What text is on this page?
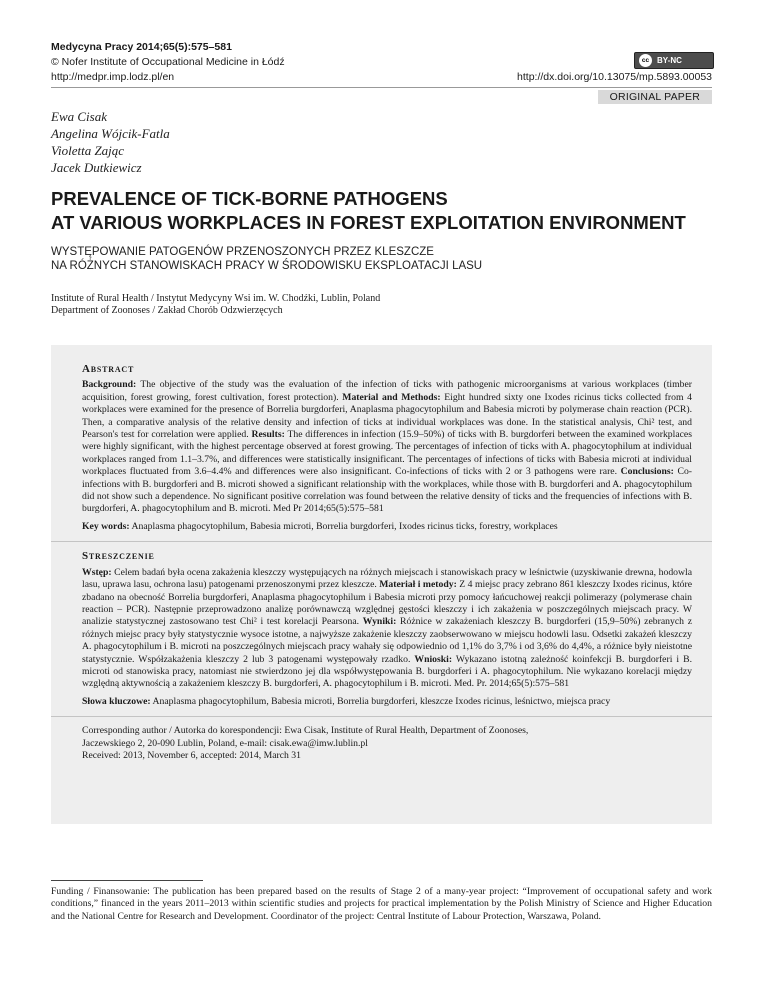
Medycyna Pracy 2014;65(5):575–581
© Nofer Institute of Occupational Medicine in Łódź
http://medpr.imp.lodz.pl/en
cc BY-NC
http://dx.doi.org/10.13075/mp.5893.00053
ORIGINAL PAPER
Ewa Cisak
Angelina Wójcik-Fatla
Violetta Zając
Jacek Dutkiewicz
PREVALENCE OF TICK-BORNE PATHOGENS
AT VARIOUS WORKPLACES IN FOREST EXPLOITATION ENVIRONMENT
WYSTĘPOWANIE PATOGENÓW PRZENOSZONYCH PRZEZ KLESZCZE
NA RÓŻNYCH STANOWISKACH PRACY W ŚRODOWISKU EKSPLOATACJI LASU
Institute of Rural Health / Instytut Medycyny Wsi im. W. Chodźki, Lublin, Poland
Department of Zoonoses / Zakład Chorób Odzwierzęcych
Abstract
Background: The objective of the study was the evaluation of the infection of ticks with pathogenic microorganisms at various workplaces (timber acquisition, forest growing, forest cultivation, forest protection). Material and Methods: Eight hundred sixty one Ixodes ricinus ticks collected from 4 workplaces were examined for the presence of Borrelia burgdorferi, Anaplasma phagocytophilum and Babesia microti by polymerase chain reaction (PCR). Then, a comparative analysis of the relative density and infection of ticks at individual workplaces was done. In the statistical analysis, Chi² test, and Pearson's test for correlation were applied. Results: The differences in infection (15.9–50%) of ticks with B. burgdorferi between the examined workplaces were highly significant, with the highest percentage observed at forest growing. The percentages of infection of ticks with A. phagocytophilum at individual workplaces ranged from 1.1–3.7%, and differences were statistically insignificant. The percentages of infections of ticks with Babesia microti at individual workplaces fluctuated from 3.6–4.4% and differences were also insignificant. Co-infections of ticks with 2 or 3 pathogens were rare. Conclusions: Co-infections with B. burgdorferi and B. microti showed a significant relationship with the workplaces, while those with B. burgdorferi and A. phagocytophilum did not show such a dependence. No significant positive correlation was found between the relative density of ticks and the frequencies of infections with B. burgdorferi, A. phagocytophilum and B. microti. Med Pr 2014;65(5):575–581
Key words: Anaplasma phagocytophilum, Babesia microti, Borrelia burgdorferi, Ixodes ricinus ticks, forestry, workplaces
Streszczenie
Wstęp: Celem badań była ocena zakażenia kleszczy występujących na różnych miejscach i stanowiskach pracy w leśnictwie (uzyskiwanie drewna, hodowla lasu, uprawa lasu, ochrona lasu) patogenami przenoszonymi przez kleszcze. Materiał i metody: Z 4 miejsc pracy zebrano 861 kleszczy Ixodes ricinus, które zbadano na obecność Borrelia burgdorferi, Anaplasma phagocytophilum i Babesia microti przy pomocy łańcuchowej reakcji polimerazy (polymerase chain reaction – PCR). Następnie przeprowadzono analizę porównawczą względnej gęstości kleszczy i ich zakażenia w poszczególnych miejscach pracy. W analizie statystycznej zastosowano test Chi² i test korelacji Pearsona. Wyniki: Różnice w zakażeniach kleszczy B. burgdorferi (15,9–50%) zebranych z różnych miejsc pracy były statystycznie wysoce istotne, a najwyższe zakażenie kleszczy zaobserwowano w miejscu hodowli lasu. Odsetki zakażeń kleszczy A. phagocytophilum i B. microti na poszczególnych miejscach pracy wahały się odpowiednio od 1,1% do 3,7% i od 3,6% do 4,4%, a różnice były nieistotne statystycznie. Współzakażenia kleszczy 2 lub 3 patogenami występowały rzadko. Wnioski: Wykazano istotną zależność koinfekcji B. burgdorferi i B. microti od stanowiska pracy, natomiast nie stwierdzono jej dla współwystępowania B. burgdorferi i A. phagocytophilum. Nie wykazano korelacji między względną aktywnością a zakażeniem kleszczy B. burgdorferi, A. phagocytophilum i B. microti. Med. Pr. 2014;65(5):575–581
Słowa kluczowe: Anaplasma phagocytophilum, Babesia microti, Borrelia burgdorferi, kleszcze Ixodes ricinus, leśnictwo, miejsca pracy
Corresponding author / Autorka do korespondencji: Ewa Cisak, Institute of Rural Health, Department of Zoonoses,
Jaczewskiego 2, 20-090 Lublin, Poland, e-mail: cisak.ewa@imw.lublin.pl
Received: 2013, November 6, accepted: 2014, March 31
Funding / Finansowanie: The publication has been prepared based on the results of Stage 2 of a many-year project: “Improvement of occupational safety and work conditions,” financed in the years 2011–2013 within scientific studies and projects for practical implementation by the Polish Ministry of Science and Higher Education and the National Centre for Research and Development. Coordinator of the project: Central Institute of Labour Protection, Warszawa, Poland.
